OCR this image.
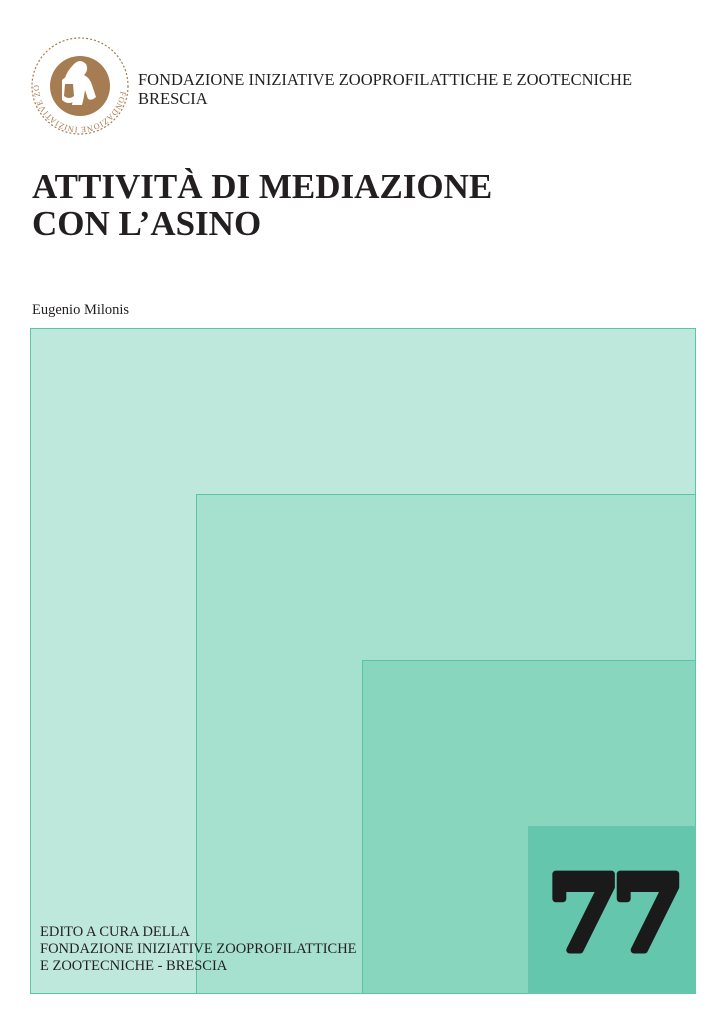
FONDAZIONE INIZIATIVE ZO	FONDAZIONE INIZIATIVE ZOOPROFILATTICHE E ZOOTECNICHE
BRESCIA
ATTIVITÀ DI MEDIAZIONE
CON L’ASINO
Eugenio Milonis
77
EDITO A CURA DELLA
FONDAZIONE INIZIATIVE ZOOPROFILATTICHE
E ZOOTECNICHE - BRESCIA
